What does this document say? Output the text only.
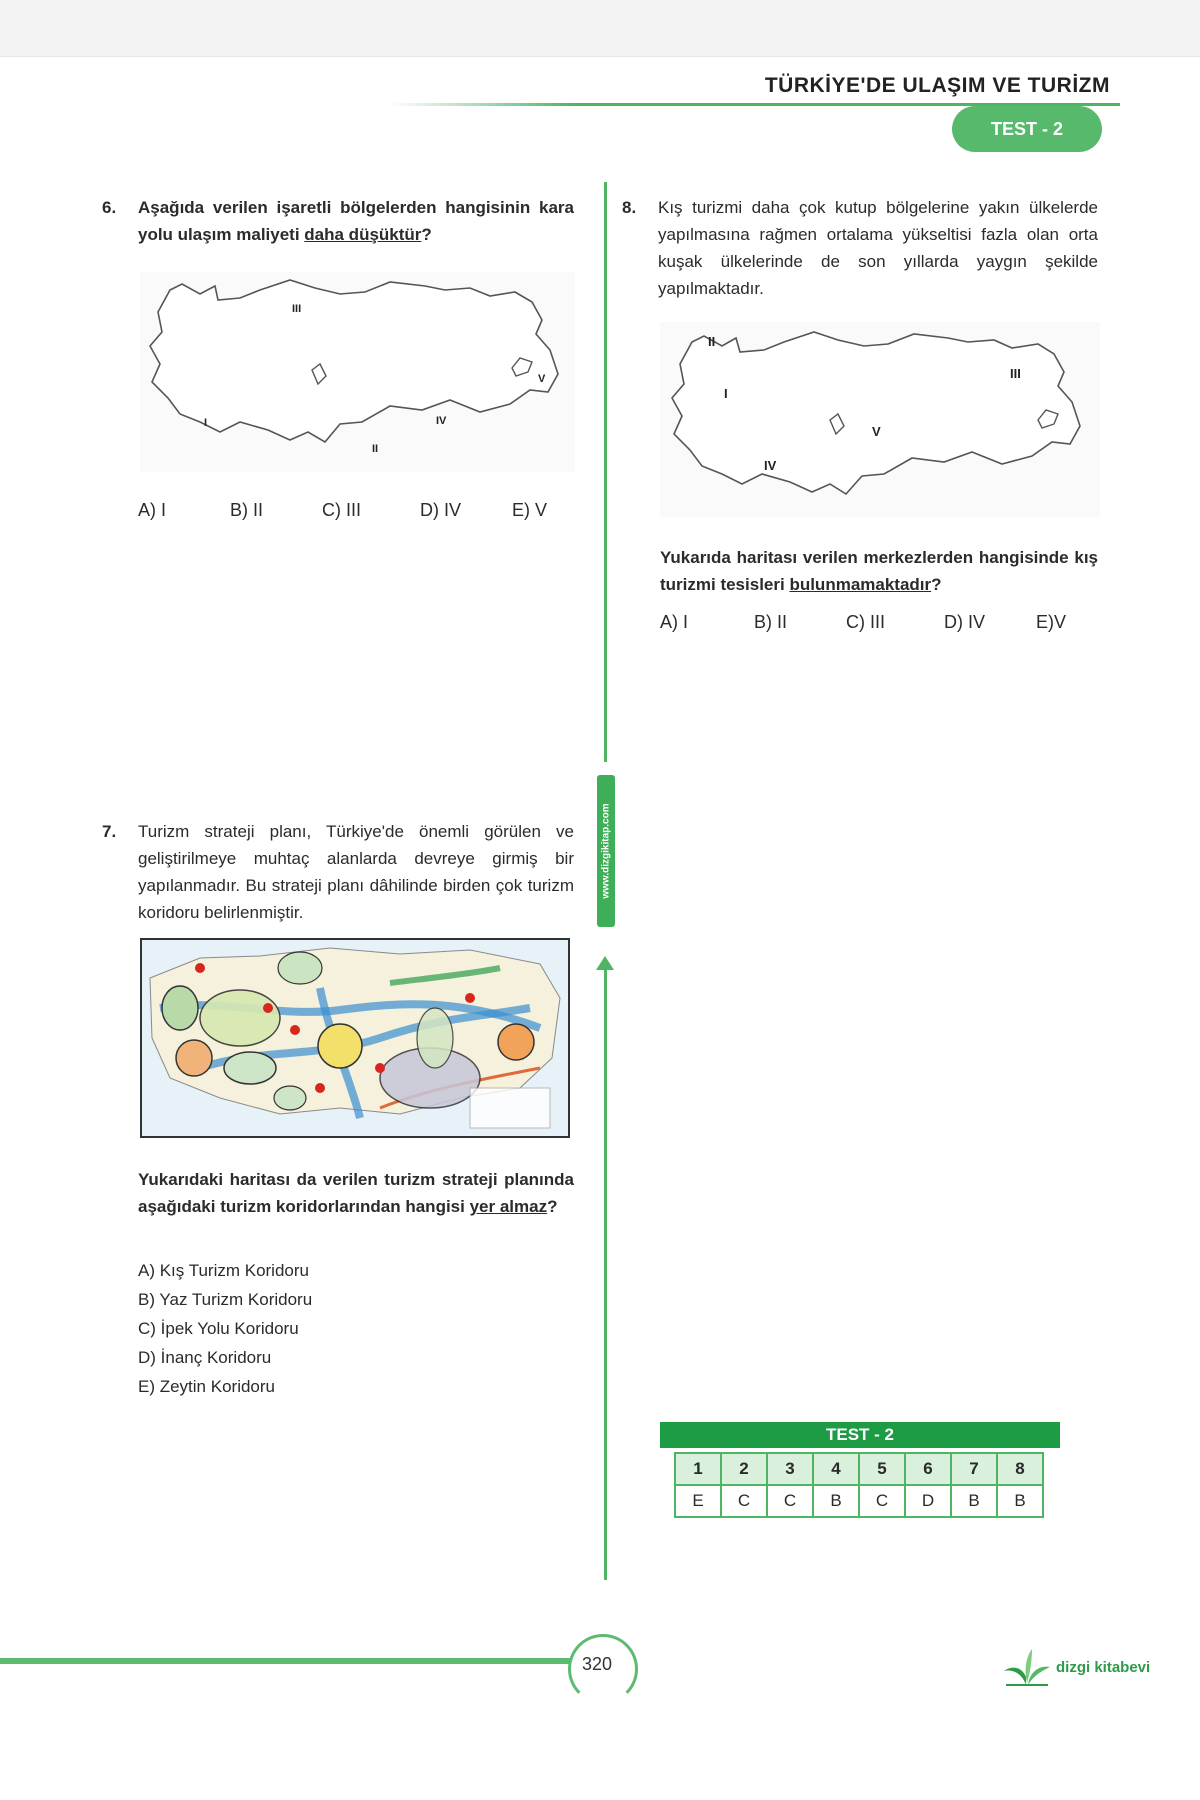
TÜRKİYE'DE ULAŞIM VE TURİZM
TEST - 2
www.dizgikitap.com
6. Aşağıda verilen işaretli bölgelerden hangisinin kara yolu ulaşım maliyeti daha düşüktür?
I
II
III
IV
V
A) I	B) II	C) III	D) IV	E) V
7. Turizm strateji planı, Türkiye'de önemli görülen ve geliştirilmeye muhtaç alanlarda devreye girmiş bir yapılanmadır. Bu strateji planı dâhilinde birden çok turizm koridoru belirlenmiştir.
Yukarıdaki haritası da verilen turizm strateji planında aşağıdaki turizm koridorlarından hangisi yer almaz?
A) Kış Turizm Koridoru
B) Yaz Turizm Koridoru
C) İpek Yolu Koridoru
D) İnanç Koridoru
E) Zeytin Koridoru
8. Kış turizmi daha çok kutup bölgelerine yakın ülkelerde yapılmasına rağmen ortalama yükseltisi fazla olan orta kuşak ülkelerinde de son yıllarda yaygın şekilde yapılmaktadır.
I
II
III
IV
V
Yukarıda haritası verilen merkezlerden hangisinde kış turizmi tesisleri bulunmamaktadır?
A) I	B) II	C) III	D) IV	E)V
TEST - 2
1	2	3	4	5	6	7	8
E	C	C	B	C	D	B	B
320	dizgi kitabevi
